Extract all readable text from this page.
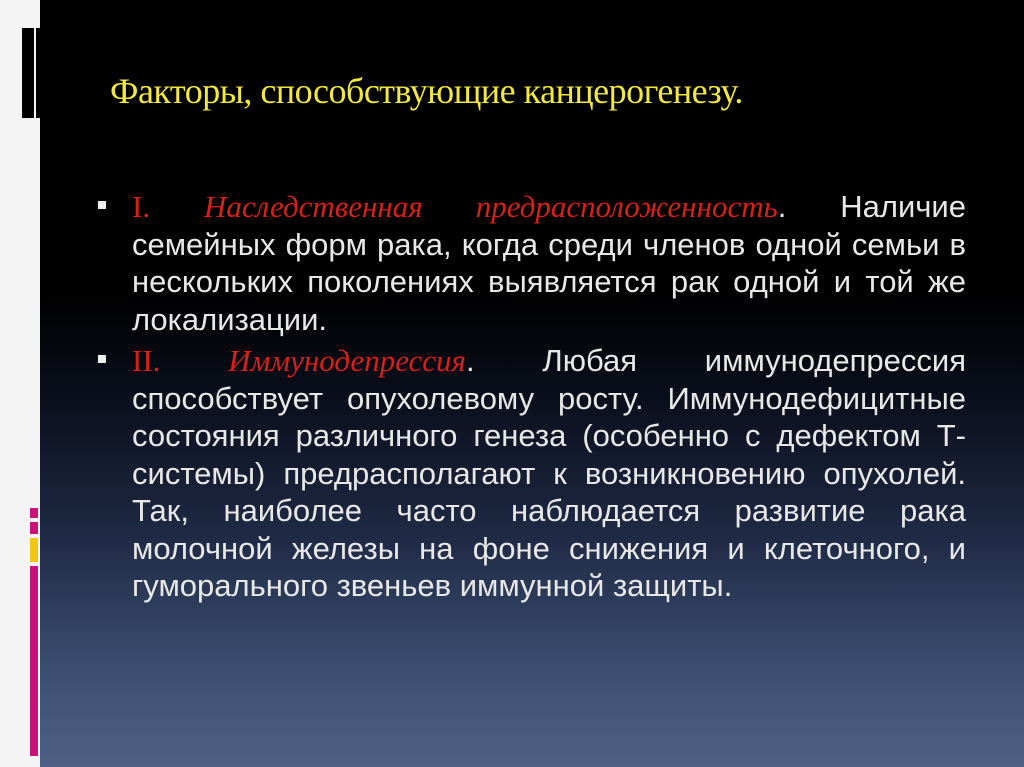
Факторы, способствующие канцерогенезу.
I. Наследственная предрасположенность. Наличие семейных форм рака, когда среди членов одной семьи в нескольких поколениях выявляется рак одной и той же локализации.
II. Иммунодепрессия. Любая иммунодепрессия способствует опухолевому росту. Иммунодефицитные состояния различного генеза (особенно с дефектом Т-системы) предрасполагают к возникновению опухолей. Так, наиболее часто наблюдается развитие рака молочной железы на фоне снижения и клеточного, и гуморального звеньев иммунной защиты.
